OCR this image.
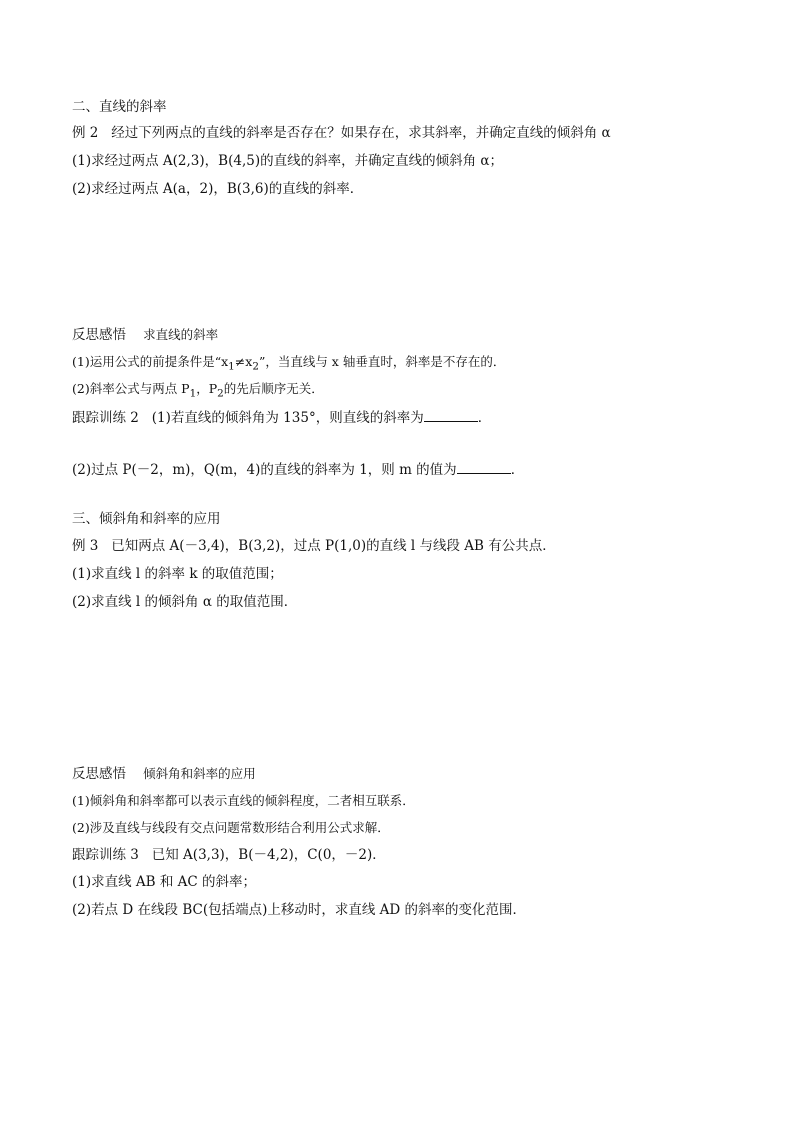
二、直线的斜率
例 2 经过下列两点的直线的斜率是否存在？如果存在，求其斜率，并确定直线的倾斜角 α
(1)求经过两点 A(2,3)，B(4,5)的直线的斜率，并确定直线的倾斜角 α；
(2)求经过两点 A(a，2)，B(3,6)的直线的斜率．
反思感悟 求直线的斜率
(1)运用公式的前提条件是“$x_1\ne x_2$”，当直线与 x 轴垂直时，斜率是不存在的．
(2)斜率公式与两点 $P_1$，$P_2$的先后顺序无关．
跟踪训练 2 (1)若直线的倾斜角为 135°，则直线的斜率为	．
(2)过点 P(－2，m)，Q(m，4)的直线的斜率为 1，则 m 的值为	．
三、倾斜角和斜率的应用
例 3 已知两点 A(－3,4)，B(3,2)，过点 P(1,0)的直线 l 与线段 AB 有公共点．
(1)求直线 l 的斜率 k 的取值范围；
(2)求直线 l 的倾斜角 α 的取值范围．
反思感悟 倾斜角和斜率的应用
(1)倾斜角和斜率都可以表示直线的倾斜程度，二者相互联系．
(2)涉及直线与线段有交点问题常数形结合利用公式求解．
跟踪训练 3 已知 A(3,3)，B(－4,2)，C(0，－2)．
(1)求直线 AB 和 AC 的斜率；
(2)若点 D 在线段 BC(包括端点)上移动时，求直线 AD 的斜率的变化范围．
